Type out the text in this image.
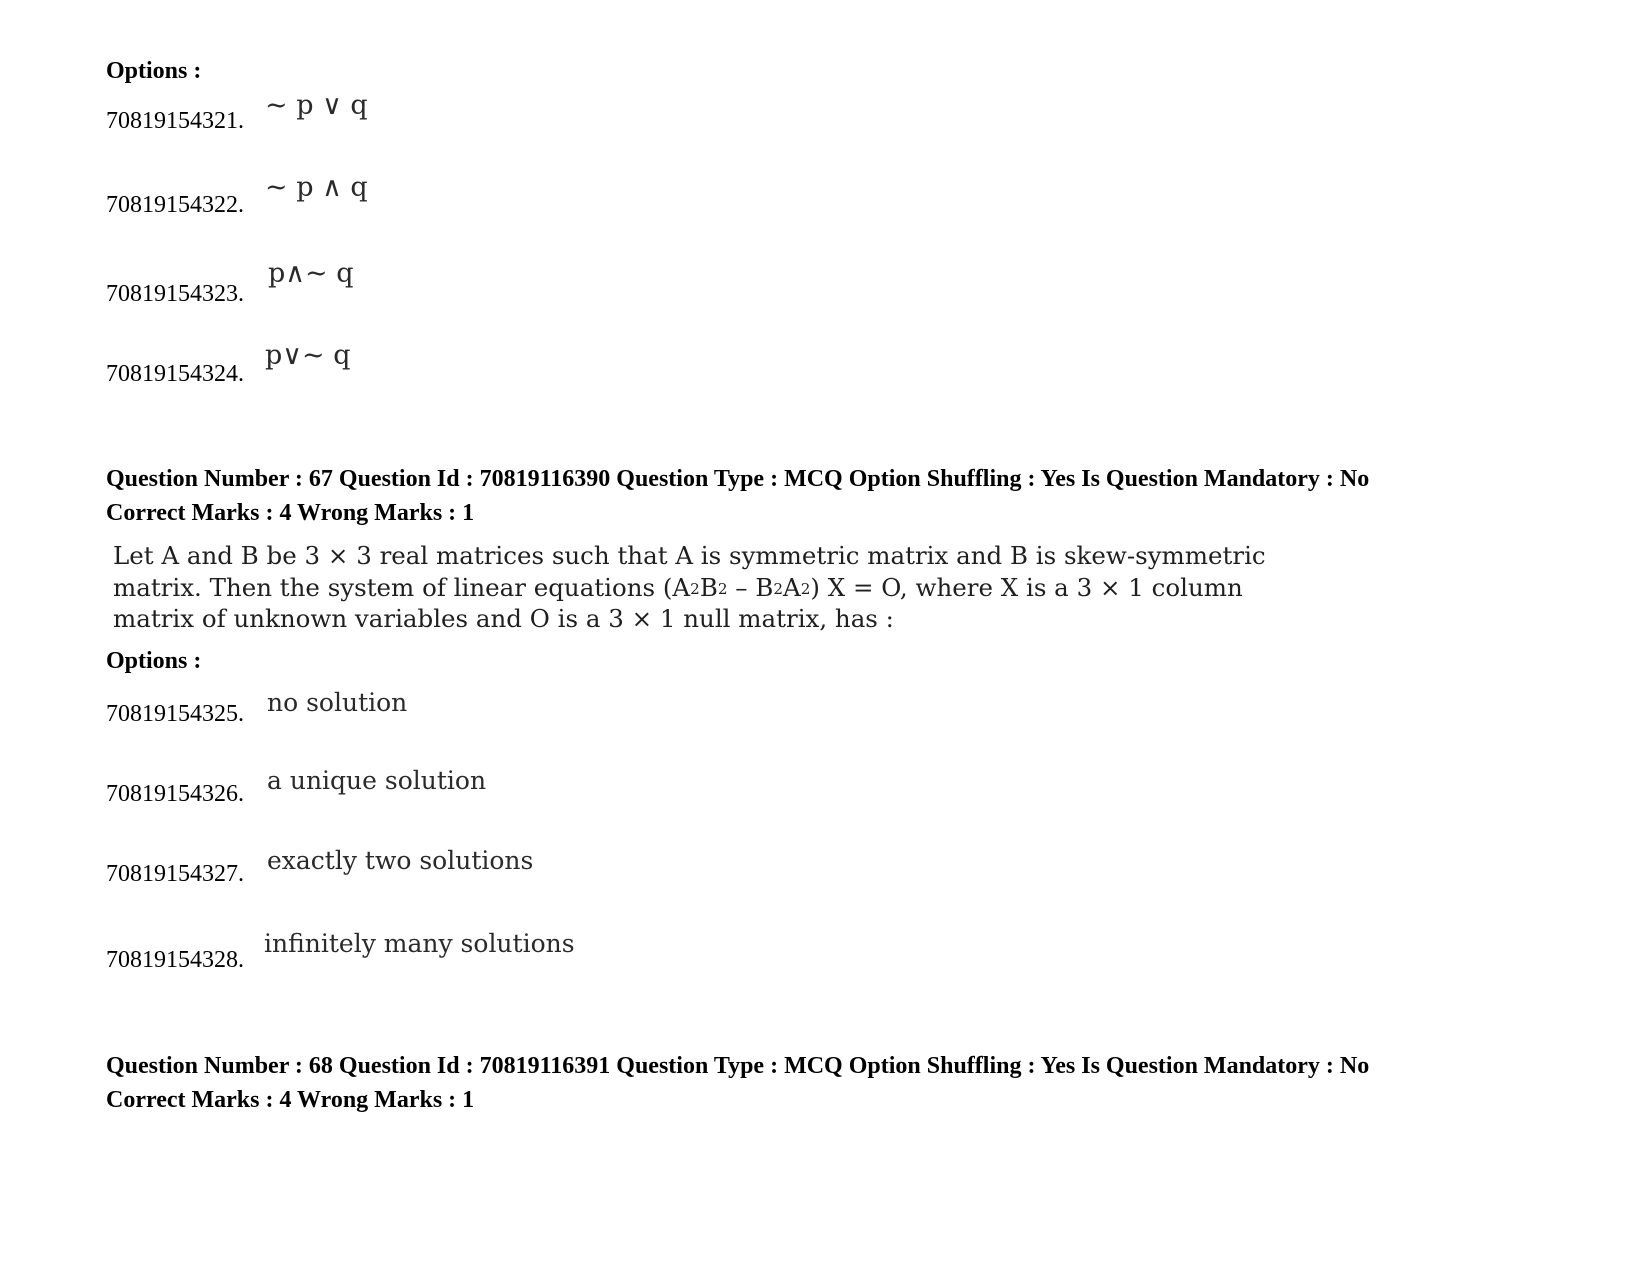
Options :
70819154321. ~ p ∨ q
70819154322.
~ p ∧ q
70819154323.
p∧~ q
70819154324.
p∨~ q
Question Number : 67 Question Id : 70819116390 Question Type : MCQ Option Shuffling : Yes Is Question Mandatory : No
Correct Marks : 4 Wrong Marks : 1
Let A and B be 3 × 3 real matrices such that A is symmetric matrix and B is skew-symmetric
matrix. Then the system of linear equations $(A^2B^2 - B^2A^2) X = O$, where X is a 3 × 1 column
matrix of unknown variables and O is a 3 × 1 null matrix, has :
Options :
70819154325. no solution
70819154326. a unique solution
70819154327. exactly two solutions
70819154328.
infinitely many solutions
Question Number : 68 Question Id : 70819116391 Question Type : MCQ Option Shuffling : Yes Is Question Mandatory : No
Correct Marks : 4 Wrong Marks : 1
